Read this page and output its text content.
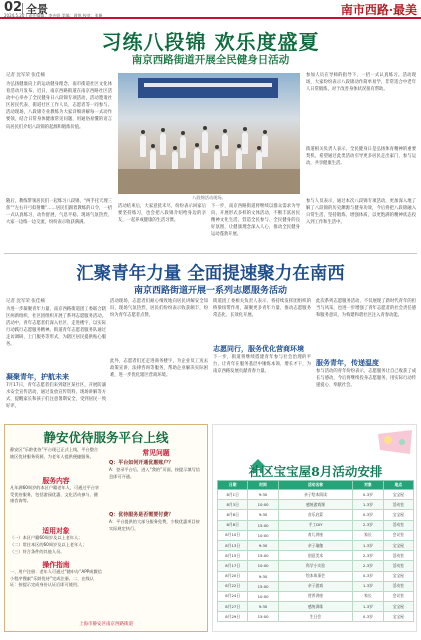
02 全景
2024.5.20 | 责任编辑：李卉妍 美编：周悦 校对：张帆	南市西路·最美
习练八段锦 欢乐度盛夏
南京西路街道开展全民健身日活动
记者 沈军荣 张佳楠
为弘扬健康向上的运动健身理念，南市街道社区文化体育活动月发布，近日，南京西路街道在南京西路社区活动中心举办了全民健身日八段锦专项活动，活动邀请社区居民代表、街道社区工作人员、志愿者等一同参与。活动现场，八段锦专业教练为大家详细讲解每一式动作要领，结合日常身体健康常见问题，用通俗易懂的语言向居民们介绍八段锦的起源和锻炼价值。
随后，教练带领居民们一起练习八段锦，“两手托天理三焦”“左右开弓似射雕”……居民们跟着教练的口令，一招一式认真练习，动作舒展，气息平稳。现场气氛热烈，大家一边练一边交流，纷纷表示收获满满。
八段锦活动现场。
活动结束后，大家意犹未尽，纷纷表示回家后要坚持练习，也会把八段锦介绍给身边的亲友，一起养成健康的生活习惯。
下一步，南京西路街道将继续以群众需求为导向，开展形式多样的文体活动，不断丰富居民精神文化生活，营造全民参与、全民健身的良好氛围，让健康理念深入人心，推动全民健身运动蓬勃开展。
参加人员在导师的指导下，一招一式认真练习。活动现场，大家纷纷表示八段锦动作简单易学，非常适合中老年人日常锻炼，对于改善身体状况很有帮助。
街道相关负责人表示，全民健身日是弘扬体育精神的重要契机，希望通过此类活动引导更多居民走出家门、参与运动，共享健康生活。
参与人员表示，通过本次八段锦专项活动，更加深入地了解了八段锦的历史渊源与健身功效，今后将把八段锦融入日常生活，坚持锻炼，增强体质，以更饱满的精神状态投入到工作和生活中。
汇聚青年力量 全面提速聚力在南西
南京西路街道开展一系列志愿服务活动
记者 沈军荣 张佳楠
为进一步凝聚青年力量，南京西路街道团工委联合辖区两新组织、社区团组织开展了系列志愿服务活动。活动中，青年志愿者们深入社区、走进楼宇，以实际行动践行志愿服务精神。街道青年志愿者服务队通过走访调研、上门服务等形式，为辖区居民提供贴心服务。
凝聚青年，护航未来
7月17日，青年志愿者们来到辖区某社区，开展防溺水安全宣传活动，通过发放宣传资料、现场讲解等方式，提醒家长和孩子们注意暑期安全，受到居民一致好评。
活动现场，志愿者们耐心细致地向居民讲解安全知识，现场气氛热烈，居民们纷纷表示收获颇丰，纷纷为青年志愿者点赞。
此外，志愿者们还走进商务楼宇，为企业员工送去政策宣讲、法律咨询等服务，帮助企业解决实际困难，进一步优化辖区营商环境。
街道团工委相关负责人表示，将持续发挥团组织的桥梁纽带作用，凝聚更多青年力量，推动志愿服务常态化、长效化开展。
志愿同行，服务优化营商环境
下一步，街道将继续搭建青年参与社会治理的平台，让青年在服务基层中锤炼本领、增长才干，为南京西路发展贡献青春力量。
此次系列志愿服务活动，不仅展现了新时代青年的担当与风采，也进一步增强了青年志愿者的社会责任感和服务意识，为构建和谐社区注入青春动能。
服务青年，传递温度
参与活动的青年纷纷表示，志愿服务让自己收获了成长与感动，今后将继续投身志愿服务，用实际行动传递爱心、奉献社会。
静安优待服务平台上线
静安区“乐龄优待”平台现已正式上线，平台整合辖区优待服务资源，为老年人提供便捷服务。
服务内容
凡年满60周岁的本区户籍老年人，可通过平台享受优待服务，包括游园优惠、文化活动参与、健康咨询等。
适用对象
（一）本区户籍60周岁及以上老年人；
（二）常住本区的60周岁及以上老年人；
（三）符合条件的其他人员。
操作指南
一、用户注册：老年人可通过“随申办”APP或微信小程序搜索“乐龄优待”完成注册。二、在线认证：按提示完成身份认证后即可使用。
常见问题
Q：平台如何开通优惠账户？
A：登录平台后，进入“我的”页面，按提示填写信息即可开通。
Q：优待服务是否需要付费？
A：平台提供的大部分服务免费，少数优惠项目按实际规定执行。
上海市静安区南京西路街道
社区宝宝屋8月活动安排
日期	时间	活动名称	对象	地点
8月1日	9:30	亲子绘本阅读	0-3岁	宝宝屋
8月3日	10:00	感统游戏课	1-3岁	活动室
8月6日	9:30	音乐启蒙	0-3岁	宝宝屋
8月8日	15:00	手工DIY	2-3岁	活动室
8月10日	10:00	育儿讲座	家长	会议室
8月13日	9:30	亲子瑜伽	1-3岁	宝宝屋
8月15日	15:00	创意美术	2-3岁	活动室
8月17日	10:00	科学小实验	2-3岁	活动室
8月20日	9:30	绘本故事会	0-3岁	宝宝屋
8月22日	15:00	亲子游戏	1-3岁	活动室
8月24日	10:00	营养讲座	家长	会议室
8月27日	9:30	感统训练	1-3岁	宝宝屋
8月29日	15:00	生日会	0-3岁	宝宝屋
